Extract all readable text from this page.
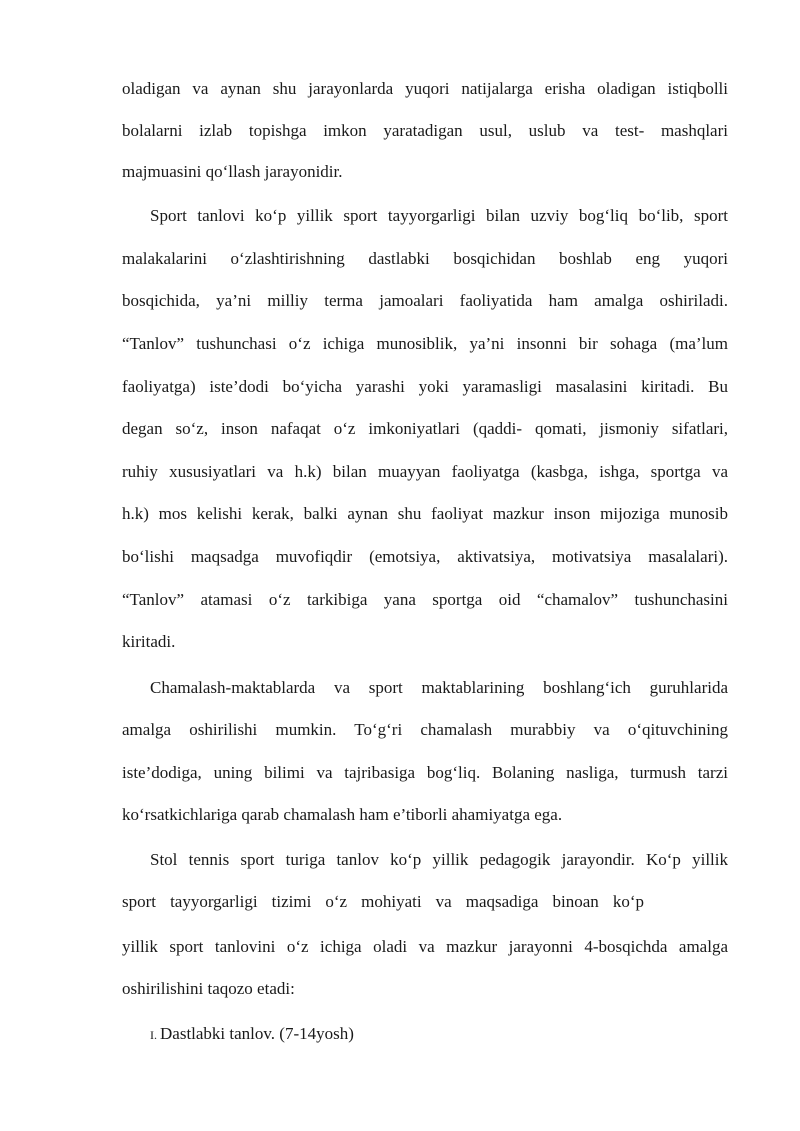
oladigan va aynan shu jarayonlarda yuqori natijalarga erisha oladigan istiqbolli
bolalarni izlab topishga imkon yaratadigan usul, uslub va test- mashqlari
majmuasini qo‘llash jarayonidir.
Sport tanlovi ko‘p yillik sport tayyorgarligi bilan uzviy bog‘liq bo‘lib, sport
malakalarini o‘zlashtirishning dastlabki bosqichidan boshlab eng yuqori
bosqichida, ya’ni milliy terma jamoalari faoliyatida ham amalga oshiriladi.
“Tanlov” tushunchasi o‘z ichiga munosiblik, ya’ni insonni bir sohaga (ma’lum
faoliyatga) iste’dodi bo‘yicha yarashi yoki yaramasligi masalasini kiritadi. Bu
degan so‘z, inson nafaqat o‘z imkoniyatlari (qaddi- qomati, jismoniy sifatlari,
ruhiy xususiyatlari va h.k) bilan muayyan faoliyatga (kasbga, ishga, sportga va
h.k) mos kelishi kerak, balki aynan shu faoliyat mazkur inson mijoziga munosib
bo‘lishi maqsadga muvofiqdir (emotsiya, aktivatsiya, motivatsiya masalalari).
“Tanlov” atamasi o‘z tarkibiga yana sportga oid “chamalov” tushunchasini
kiritadi.
Chamalash-maktablarda va sport maktablarining boshlang‘ich guruhlarida
amalga oshirilishi mumkin. To‘g‘ri chamalash murabbiy va o‘qituvchining
iste’dodiga, uning bilimi va tajribasiga bog‘liq. Bolaning nasliga, turmush tarzi
ko‘rsatkichlariga qarab chamalash ham e’tiborli ahamiyatga ega.
Stol tennis sport turiga tanlov ko‘p yillik pedagogik jarayondir. Ko‘p yillik
sport tayyorgarligi tizimi o‘z mohiyati va maqsadiga binoan ko‘p
yillik sport tanlovini o‘z ichiga oladi va mazkur jarayonni 4-bosqichda amalga
oshirilishini taqozo etadi:
I. Dastlabki tanlov. (7-14yosh)
